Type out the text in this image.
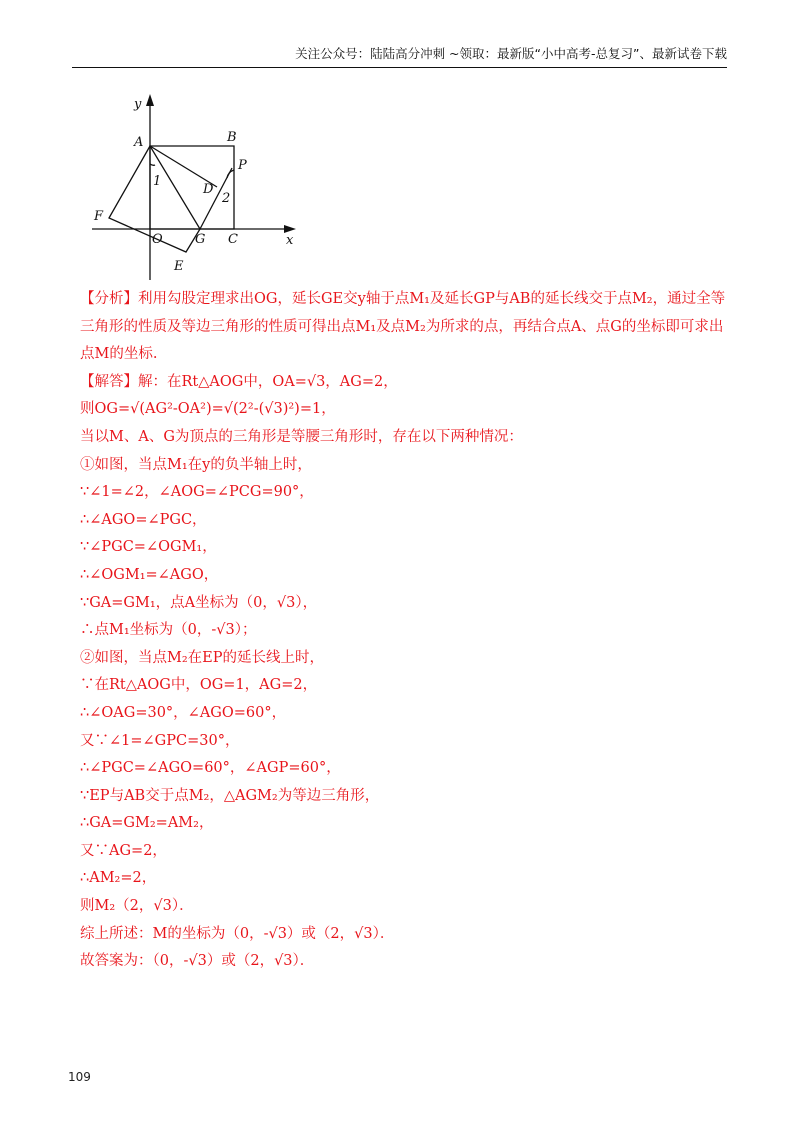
关注公众号：陆陆高分冲刺 ~领取：最新版“小中高考-总复习”、最新试卷下载
y
x
A	B
P
D
1
2
F
O G C
E
【分析】利用勾股定理求出OG，延长GE交y轴于点M₁及延长GP与AB的延长线交于点M₂，通过全等三角形的性质及等边三角形的性质可得出点M₁及点M₂为所求的点，再结合点A、点G的坐标即可求出点M的坐标.
【解答】解：在Rt△AOG中，OA=√3，AG=2，
则OG=√(AG²-OA²)=√(2²-(√3)²)=1，
当以M、A、G为顶点的三角形是等腰三角形时，存在以下两种情况：
①如图，当点M₁在y的负半轴上时，
∵∠1=∠2，∠AOG=∠PCG=90°，
∴∠AGO=∠PGC，
∵∠PGC=∠OGM₁，
∴∠OGM₁=∠AGO，
∵GA=GM₁，点A坐标为（0，√3），
∴点M₁坐标为（0，-√3）；
②如图，当点M₂在EP的延长线上时，
∵在Rt△AOG中，OG=1，AG=2，
∴∠OAG=30°，∠AGO=60°，
又∵∠1=∠GPC=30°，
∴∠PGC=∠AGO=60°，∠AGP=60°，
∵EP与AB交于点M₂，△AGM₂为等边三角形，
∴GA=GM₂=AM₂，
又∵AG=2，
∴AM₂=2，
则M₂（2，√3）．
综上所述：M的坐标为（0，-√3）或（2，√3）．
故答案为：（0，-√3）或（2，√3）．
109
